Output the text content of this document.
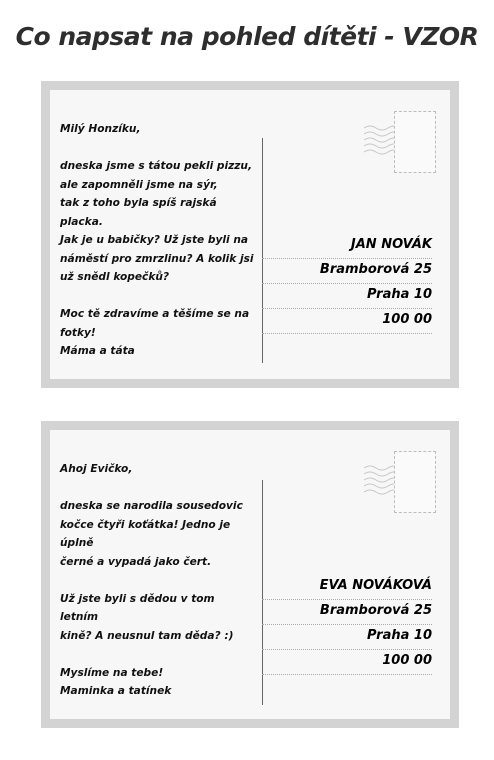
Co napsat na pohled dítěti - VZOR
Milý Honzíku,

dneska jsme s tátou pekli pizzu,
ale zapomněli jsme na sýr,
tak z toho byla spíš rajská placka.
Jak je u babičky? Už jste byli na
náměstí pro zmrzlinu? A kolik jsi
už snědl kopečků?

Moc tě zdravíme a těšíme se na
fotky!
Máma a táta
JAN NOVÁK
Bramborová 25
Praha 10
100 00
Ahoj Evičko,

dneska se narodila sousedovic
kočce čtyři koťátka! Jedno je úplně
černé a vypadá jako čert.

Už jste byli s dědou v tom letním
kině? A neusnul tam děda? :)

Myslíme na tebe!
Maminka a tatínek
EVA NOVÁKOVÁ
Bramborová 25
Praha 10
100 00
